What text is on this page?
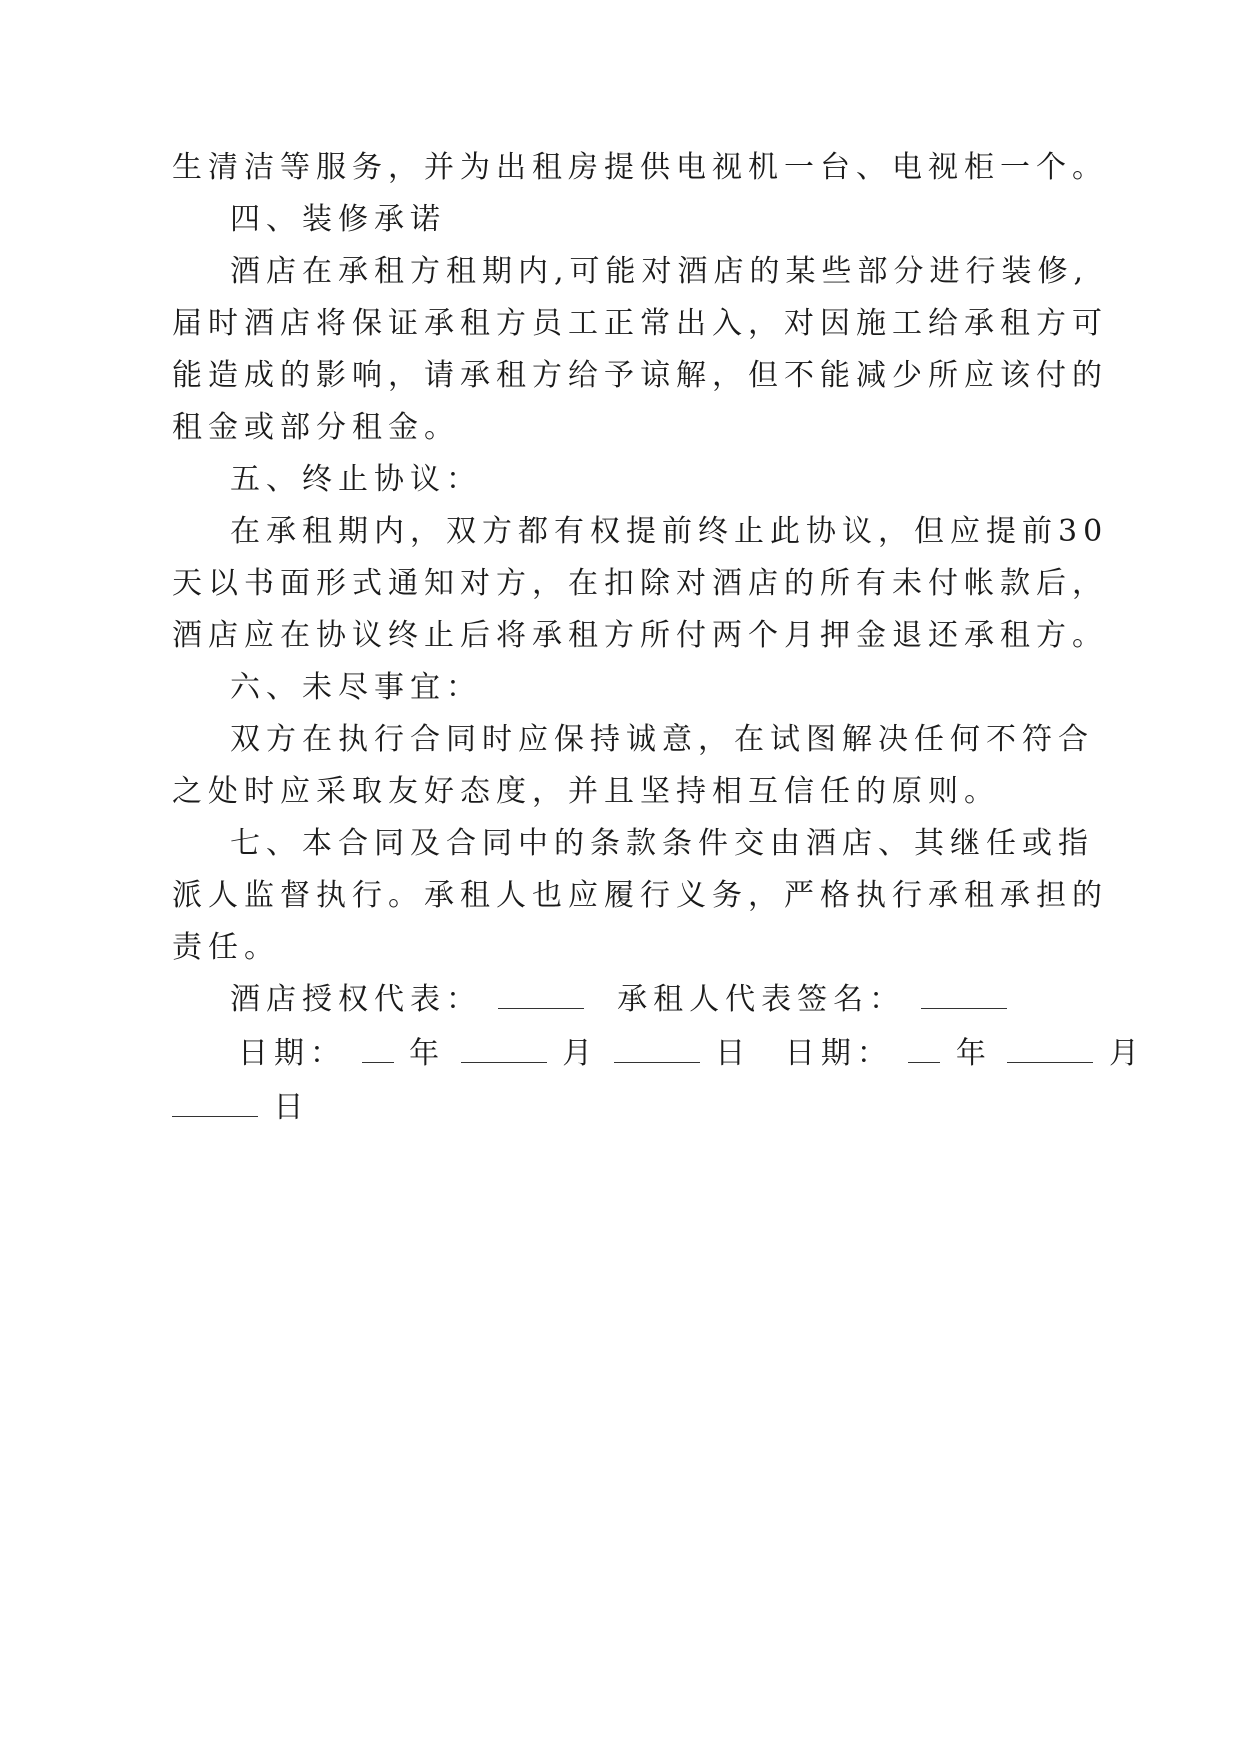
生清洁等服务，并为出租房提供电视机一台、电视柜一个。
四、装修承诺
酒店在承租方租期内,可能对酒店的某些部分进行装修,
届时酒店将保证承租方员工正常出入，对因施工给承租方可
能造成的影响，请承租方给予谅解，但不能减少所应该付的
租金或部分租金。
五、终止协议：
在承租期内，双方都有权提前终止此协议，但应提前30
天以书面形式通知对方，在扣除对酒店的所有未付帐款后，
酒店应在协议终止后将承租方所付两个月押金退还承租方。
六、未尽事宜：
双方在执行合同时应保持诚意，在试图解决任何不符合
之处时应采取友好态度，并且坚持相互信任的原则。
七、本合同及合同中的条款条件交由酒店、其继任或指
派人监督执行。承租人也应履行义务，严格执行承租承担的
责任。
酒店授权代表：	承租人代表签名：
日期： 年	月	日 日期： 年	月
日
